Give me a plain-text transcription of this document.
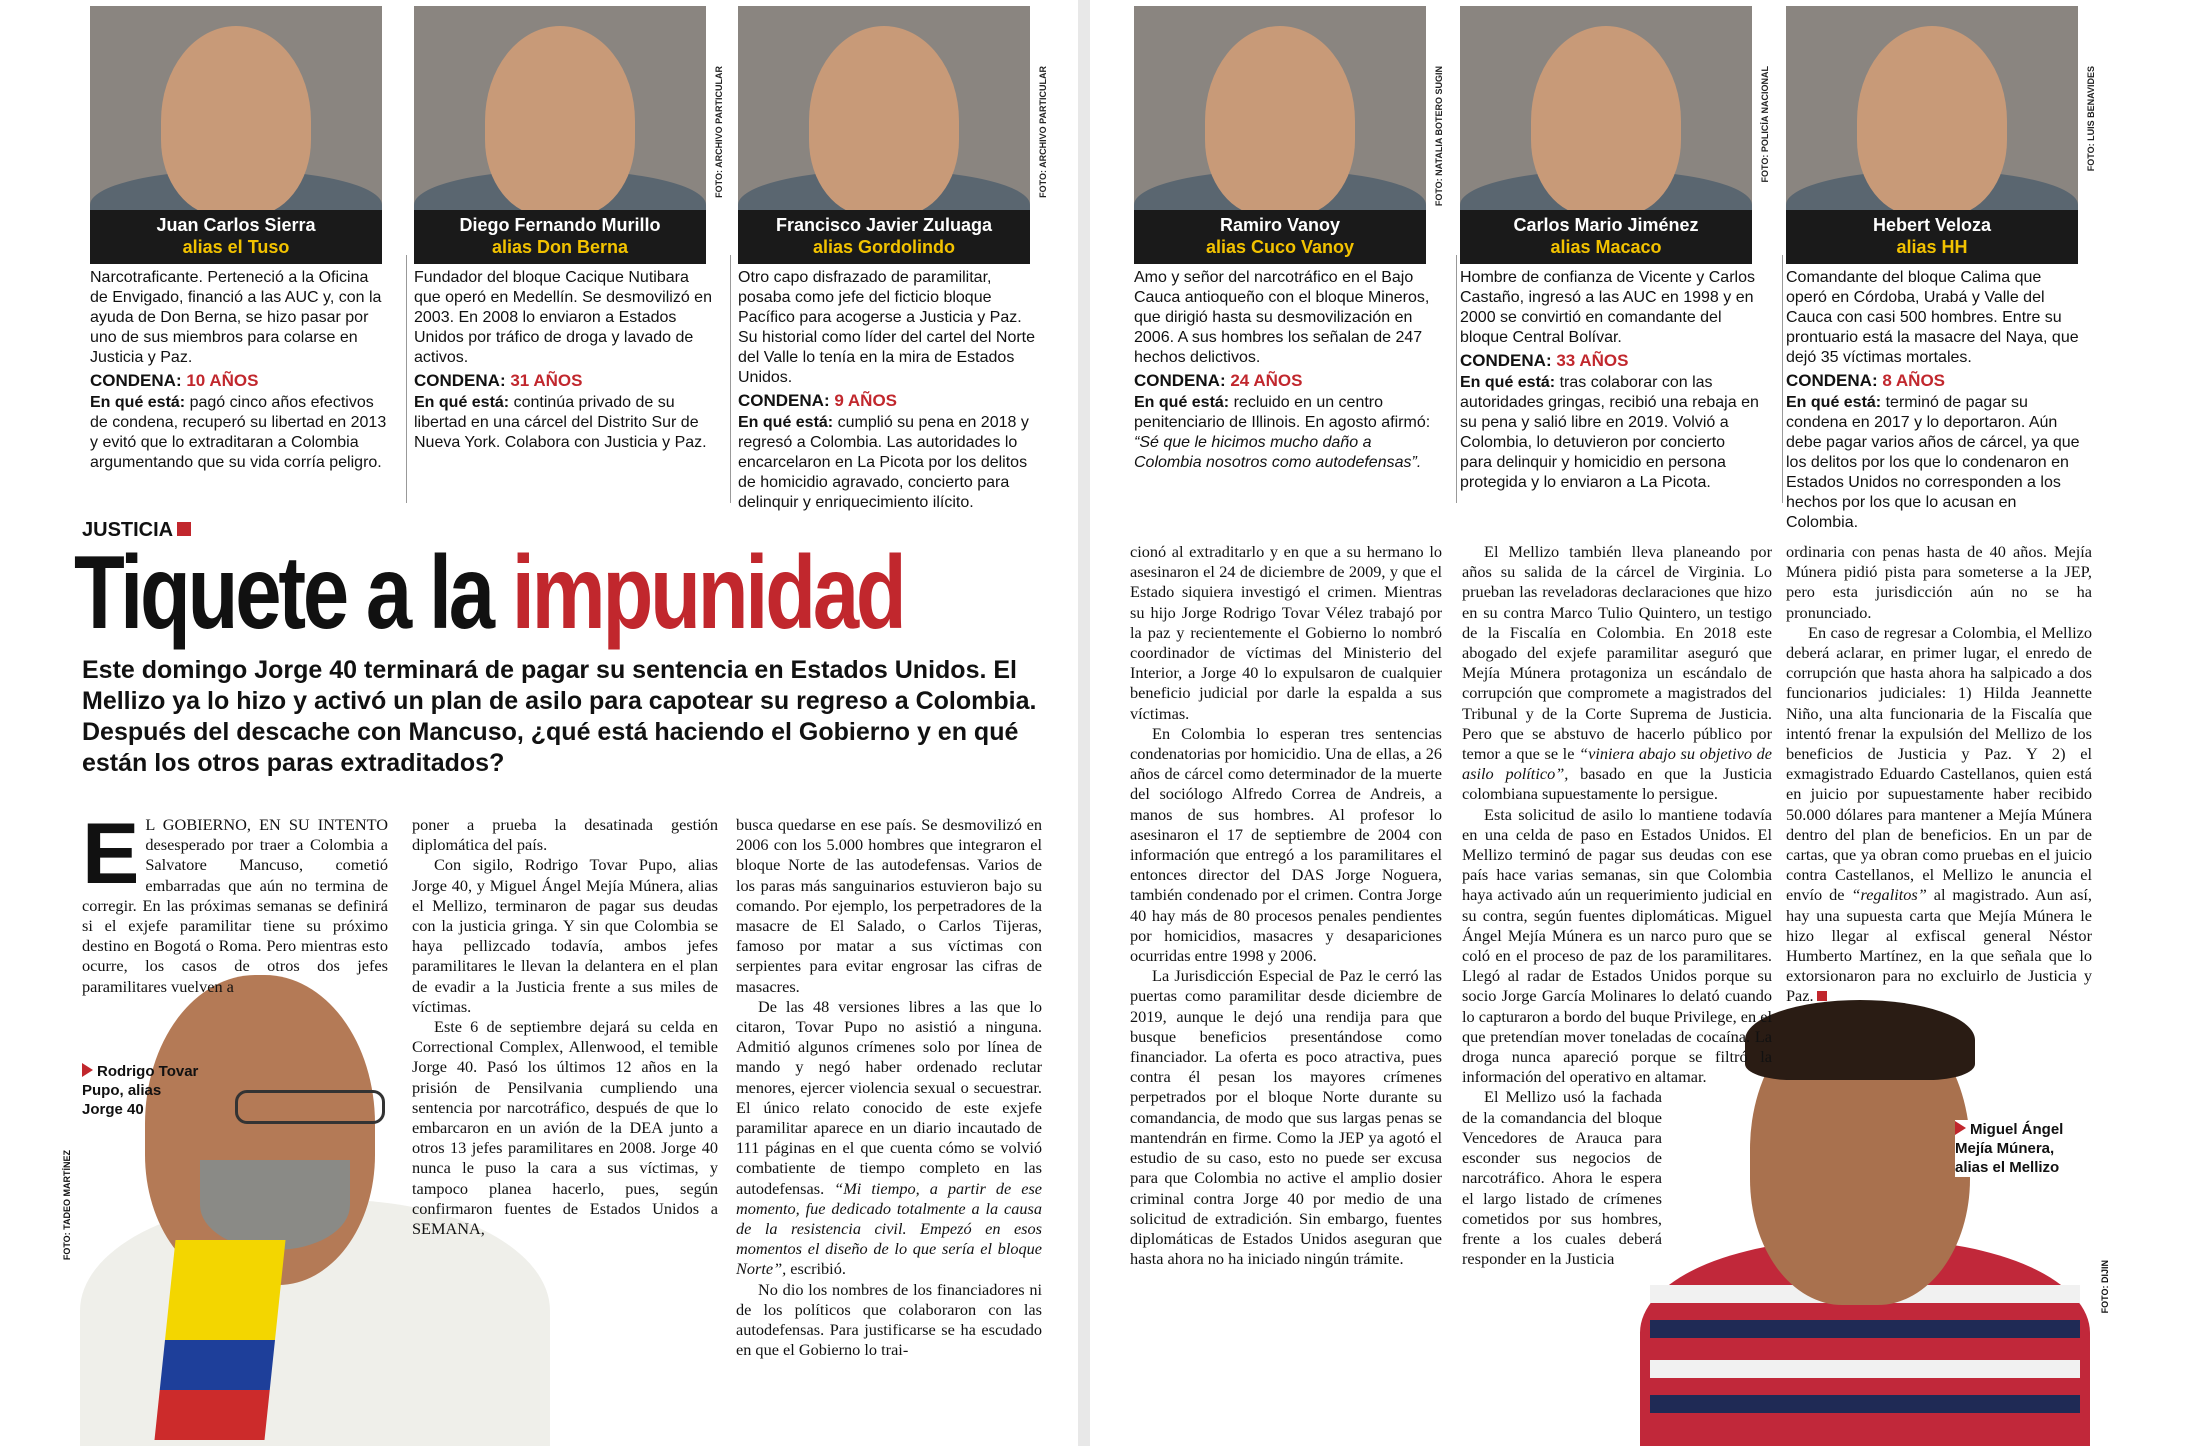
Juan Carlos Sierra
alias el Tuso
Narcotraficante. Perteneció a la Oficina de Envigado, financió a las AUC y, con la ayuda de Don Berna, se hizo pasar por uno de sus miembros para colarse en Justicia y Paz.
CONDENA: 10 AÑOS
En qué está: pagó cinco años efectivos de condena, recuperó su libertad en 2013 y evitó que lo extraditaran a Colombia argumentando que su vida corría peligro.
Diego Fernando Murillo
alias Don Berna
FOTO: ARCHIVO PARTICULAR
Fundador del bloque Cacique Nutibara que operó en Medellín. Se desmovilizó en 2003. En 2008 lo enviaron a Estados Unidos por tráfico de droga y lavado de activos.
CONDENA: 31 AÑOS
En qué está: continúa privado de su libertad en una cárcel del Distrito Sur de Nueva York. Colabora con Justicia y Paz.
Francisco Javier Zuluaga
alias Gordolindo
FOTO: ARCHIVO PARTICULAR
Otro capo disfrazado de paramilitar, posaba como jefe del ficticio bloque Pacífico para acogerse a Justicia y Paz. Su historial como líder del cartel del Norte del Valle lo tenía en la mira de Estados Unidos.
CONDENA: 9 AÑOS
En qué está: cumplió su pena en 2018 y regresó a Colombia. Las autoridades lo encarcelaron en La Picota por los delitos de homicidio agravado, concierto para delinquir y enriquecimiento ilícito.
Ramiro Vanoy
alias Cuco Vanoy
FOTO: NATALIA BOTERO SUGIN
Amo y señor del narcotráfico en el Bajo Cauca antioqueño con el bloque Mineros, que dirigió hasta su desmovilización en 2006. A sus hombres los señalan de 247 hechos delictivos.
CONDENA: 24 AÑOS
En qué está: recluido en un centro penitenciario de Illinois. En agosto afirmó: “Sé que le hicimos mucho daño a Colombia nosotros como autodefensas”.
Carlos Mario Jiménez
alias Macaco
FOTO: POLICÍA NACIONAL
Hombre de confianza de Vicente y Carlos Castaño, ingresó a las AUC en 1998 y en 2000 se convirtió en comandante del bloque Central Bolívar.
CONDENA: 33 AÑOS
En qué está: tras colaborar con las autoridades gringas, recibió una rebaja en su pena y salió libre en 2019. Volvió a Colombia, lo detuvieron por concierto para delinquir y homicidio en persona protegida y lo enviaron a La Picota.
Hebert Veloza
alias HH
FOTO: LUIS BENAVIDES
Comandante del bloque Calima que operó en Córdoba, Urabá y Valle del Cauca con casi 500 hombres. Entre su prontuario está la masacre del Naya, que dejó 35 víctimas mortales.
CONDENA: 8 AÑOS
En qué está: terminó de pagar su condena en 2017 y lo deportaron. Aún debe pagar varios años de cárcel, ya que los delitos por los que lo condenaron en Estados Unidos no corresponden a los hechos por los que lo acusan en Colombia.
JUSTICIA
Tiquete a la impunidad
Este domingo Jorge 40 terminará de pagar su sentencia en Estados Unidos. El Mellizo ya lo hizo y activó un plan de asilo para capotear su regreso a Colombia. Después del descache con Mancuso, ¿qué está haciendo el Gobierno y en qué están los otros paras extraditados?
FOTO: TADEO MARTÍNEZ
FOTO: DIJIN

E L GOBIERNO, EN SU INTENTO desesperado por traer a Colombia a Salvatore Mancuso, cometió embarradas que aún no termina de corregir. En las próximas semanas se definirá si el exjefe paramilitar tiene su próximo destino en Bogotá o Roma. Pero mientras esto ocurre, los casos de otros dos jefes paramilitares vuelven a

Rodrigo Tovar Pupo, alias Jorge 40

poner a prueba la desatinada gestión diplomática del país.

Con sigilo, Rodrigo Tovar Pupo, alias Jorge 40, y Miguel Ángel Mejía Múnera, alias el Mellizo, terminaron de pagar sus deudas con la justicia gringa. Y sin que Colombia se haya pellizcado todavía, ambos jefes paramilitares le llevan la delantera en el plan de evadir a la Justicia frente a sus miles de víctimas.

Este 6 de septiembre dejará su celda en Correctional Complex, Allenwood, el temible Jorge 40. Pasó los últimos 12 años en la prisión de Pensilvania cumpliendo una sentencia por narcotráfico, después de que lo embarcaron en un avión de la DEA junto a otros 13 jefes paramilitares en 2008. Jorge 40 nunca le puso la cara a sus víctimas, y tampoco planea hacerlo, pues, según confirmaron fuentes de Estados Unidos a SEMANA,

busca quedarse en ese país. Se desmovilizó en 2006 con los 5.000 hombres que integraron el bloque Norte de las autodefensas. Varios de los paras más sanguinarios estuvieron bajo su comando. Por ejemplo, los perpetradores de la masacre de El Salado, o Carlos Tijeras, famoso por matar a sus víctimas con serpientes para evitar engrosar las cifras de masacres.

De las 48 versiones libres a las que lo citaron, Tovar Pupo no asistió a ninguna. Admitió algunos crímenes solo por línea de mando y negó haber ordenado reclutar menores, ejercer violencia sexual o secuestrar. El único relato conocido de este exjefe paramilitar aparece en un diario incautado de 111 páginas en el que cuenta cómo se volvió combatiente de tiempo completo en las autodefensas. “Mi tiempo, a partir de ese momento, fue dedicado totalmente a la causa de la resistencia civil. Empezó en esos momentos el diseño de lo que sería el bloque Norte”, escribió.

No dio los nombres de los financiadores ni de los políticos que colaboraron con las autodefensas. Para justificarse se ha escudado en que el Gobierno lo trai-

cionó al extraditarlo y en que a su hermano lo asesinaron el 24 de diciembre de 2009, y que el Estado siquiera investigó el crimen. Mientras su hijo Jorge Rodrigo Tovar Vélez trabajó por la paz y recientemente el Gobierno lo nombró coordinador de víctimas del Ministerio del Interior, a Jorge 40 lo expulsaron de cualquier beneficio judicial por darle la espalda a sus víctimas.

En Colombia lo esperan tres sentencias condenatorias por homicidio. Una de ellas, a 26 años de cárcel como determinador de la muerte del sociólogo Alfredo Correa de Andreis, a manos de sus hombres. Al profesor lo asesinaron el 17 de septiembre de 2004 con información que entregó a los paramilitares el entonces director del DAS Jorge Noguera, también condenado por el crimen. Contra Jorge 40 hay más de 80 procesos penales pendientes por homicidios, masacres y desapariciones ocurridas entre 1998 y 2006.

La Jurisdicción Especial de Paz le cerró las puertas como paramilitar desde diciembre de 2019, aunque le dejó una rendija para que busque beneficios presentándose como financiador. La oferta es poco atractiva, pues contra él pesan los mayores crímenes perpetrados por el bloque Norte durante su comandancia, de modo que sus largas penas se mantendrán en firme. Como la JEP ya agotó el estudio de su caso, esto no puede ser excusa para que Colombia no active el amplio dosier criminal contra Jorge 40 por medio de una solicitud de extradición. Sin embargo, fuentes diplomáticas de Estados Unidos aseguran que hasta ahora no ha iniciado ningún trámite.

El Mellizo también lleva planeando por años su salida de la cárcel de Virginia. Lo prueban las reveladoras declaraciones que hizo en su contra Marco Tulio Quintero, un testigo de la Fiscalía en Colombia. En 2018 este abogado del exjefe paramilitar aseguró que Mejía Múnera protagoniza un escándalo de corrupción que compromete a magistrados del Tribunal y de la Corte Suprema de Justicia. Pero que se abstuvo de hacerlo público por temor a que se le “viniera abajo su objetivo de asilo político”, basado en que la Justicia colombiana supuestamente lo persigue.

Esta solicitud de asilo lo mantiene todavía en una celda de paso en Estados Unidos. El Mellizo terminó de pagar sus deudas con ese país hace varias semanas, sin que Colombia haya activado aún un requerimiento judicial en su contra, según fuentes diplomáticas. Miguel Ángel Mejía Múnera es un narco puro que se coló en el proceso de paz de los paramilitares. Llegó al radar de Estados Unidos porque su socio Jorge García Molinares lo delató cuando lo capturaron a bordo del buque Privilege, en el que pretendían mover toneladas de cocaína. La droga nunca apareció porque se filtró la información del operativo en altamar.

El Mellizo usó la fachada de la comandancia del bloque Vencedores de Arauca para esconder sus negocios de narcotráfico. Ahora le espera el largo listado de crímenes cometidos por sus hombres, frente a los cuales deberá responder en la Justicia

ordinaria con penas hasta de 40 años. Mejía Múnera pidió pista para someterse a la JEP, pero esta jurisdicción aún no se ha pronunciado.

En caso de regresar a Colombia, el Mellizo deberá aclarar, en primer lugar, el enredo de corrupción que hasta ahora ha salpicado a dos funcionarios judiciales: 1) Hilda Jeannette Niño, una alta funcionaria de la Fiscalía que intentó frenar la expulsión del Mellizo de los beneficios de Justicia y Paz. Y 2) el exmagistrado Eduardo Castellanos, quien está en juicio por supuestamente haber recibido 50.000 dólares para mantener a Mejía Múnera dentro del plan de beneficios. En un par de cartas, que ya obran como pruebas en el juicio contra Castellanos, el Mellizo le anuncia el envío de “regalitos” al magistrado. Aun así, hay una supuesta carta que Mejía Múnera le hizo llegar al exfiscal general Néstor Humberto Martínez, en la que señala que lo extorsionaron para no excluirlo de Justicia y Paz.

Miguel Ángel Mejía Múnera, alias el Mellizo
